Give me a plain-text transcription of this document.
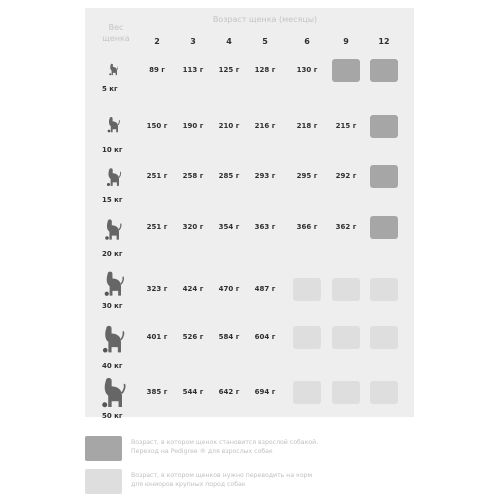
Вес
щенка
Возраст щенка (месяцы)
2	3	4	5	6	9	12
5 кг
89 г	113 г	125 г	128 г	130 г
10 кг
150 г	190 г	210 г	216 г	218 г	215 г
15 кг
251 г	258 г	285 г	293 г	295 г	292 г
20 кг
251 г	320 г	354 г	363 г	366 г	362 г
30 кг
323 г	424 г	470 г	487 г
40 кг
401 г	526 г	584 г	604 г
50 кг
385 г	544 г	642 г	694 г
Возраст, в котором щенок становится взрослой собакой.
Переход на Pedigree ® для взрослых собак
Возраст, в котором щенков нужно переводить на корм
для юниоров крупных пород собак
